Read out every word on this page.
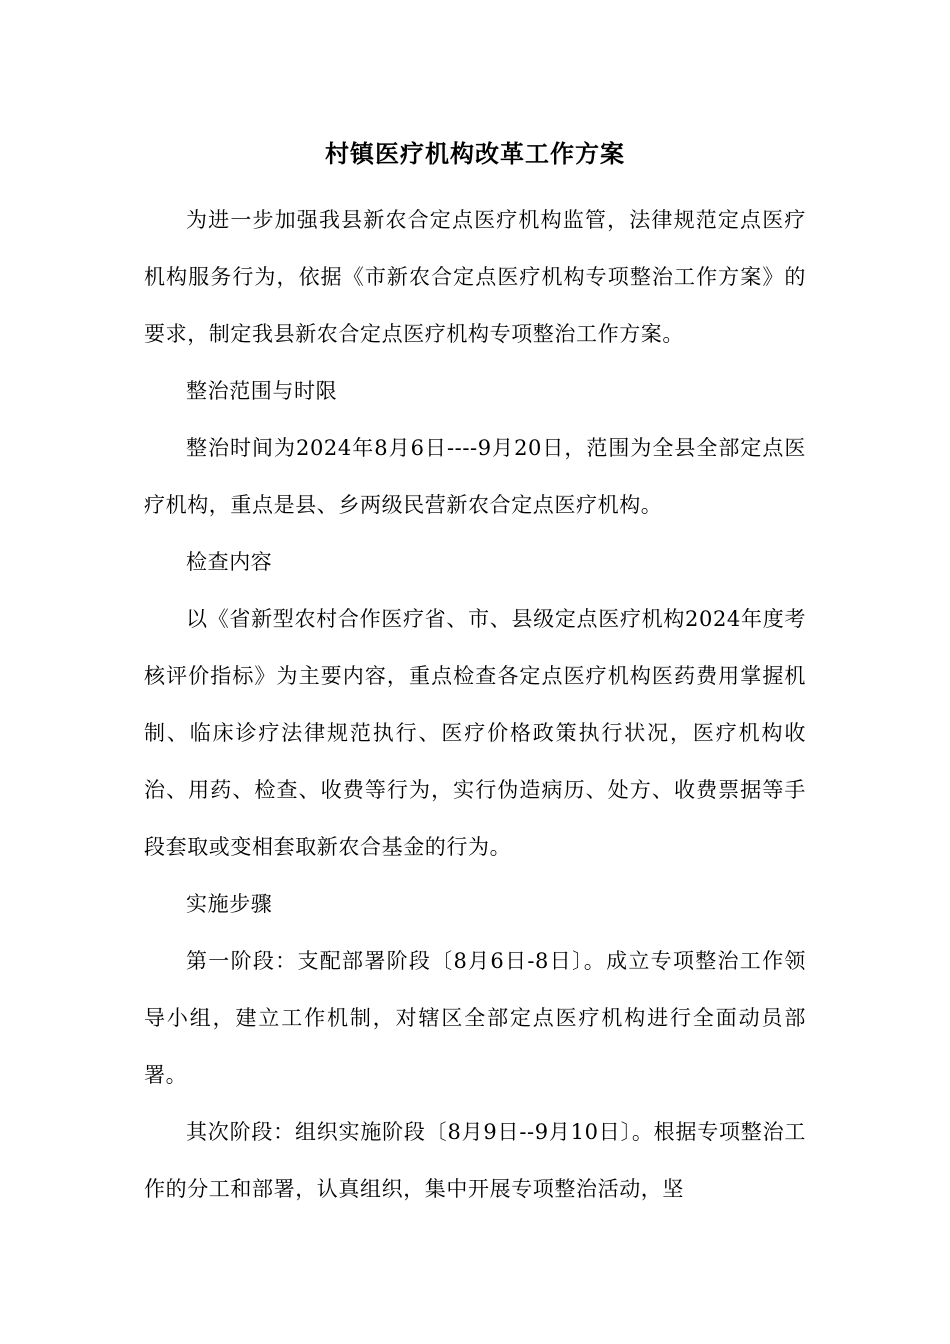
村镇医疗机构改革工作方案

为进一步加强我县新农合定点医疗机构监管，法律规范定点医疗机构服务行为，依据《市新农合定点医疗机构专项整治工作方案》的要求，制定我县新农合定点医疗机构专项整治工作方案。

整治范围与时限

整治时间为2024年8月6日----9月20日，范围为全县全部定点医疗机构，重点是县、乡两级民营新农合定点医疗机构。

检查内容

以《省新型农村合作医疗省、市、县级定点医疗机构2024年度考核评价指标》为主要内容，重点检查各定点医疗机构医药费用掌握机制、临床诊疗法律规范执行、医疗价格政策执行状况，医疗机构收治、用药、检查、收费等行为，实行伪造病历、处方、收费票据等手段套取或变相套取新农合基金的行为。

实施步骤

第一阶段：支配部署阶段〔8月6日-8日〕。成立专项整治工作领导小组，建立工作机制，对辖区全部定点医疗机构进行全面动员部署。

其次阶段：组织实施阶段〔8月9日--9月10日〕。根据专项整治工作的分工和部署，认真组织，集中开展专项整治活动，坚
